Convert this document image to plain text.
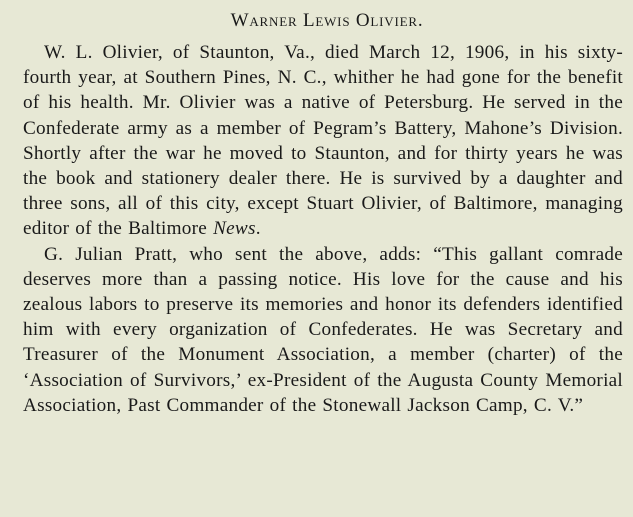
Warner Lewis Olivier.

W. L. Olivier, of Staunton, Va., died March 12, 1906, in his sixty-fourth year, at Southern Pines, N. C., whither he had gone for the benefit of his health. Mr. Olivier was a native of Petersburg. He served in the Confederate army as a member of Pegram’s Battery, Mahone’s Division. Shortly after the war he moved to Staunton, and for thirty years he was the book and stationery dealer there. He is survived by a daughter and three sons, all of this city, except Stuart Olivier, of Baltimore, managing editor of the Baltimore News.

G. Julian Pratt, who sent the above, adds: “This gallant comrade deserves more than a passing notice. His love for the cause and his zealous labors to preserve its memories and honor its defenders identified him with every organization of Confederates. He was Secretary and Treasurer of the Monument Association, a member (charter) of the ‘Association of Survivors,’ ex-President of the Augusta County Memorial Association, Past Commander of the Stonewall Jackson Camp, C. V.”
